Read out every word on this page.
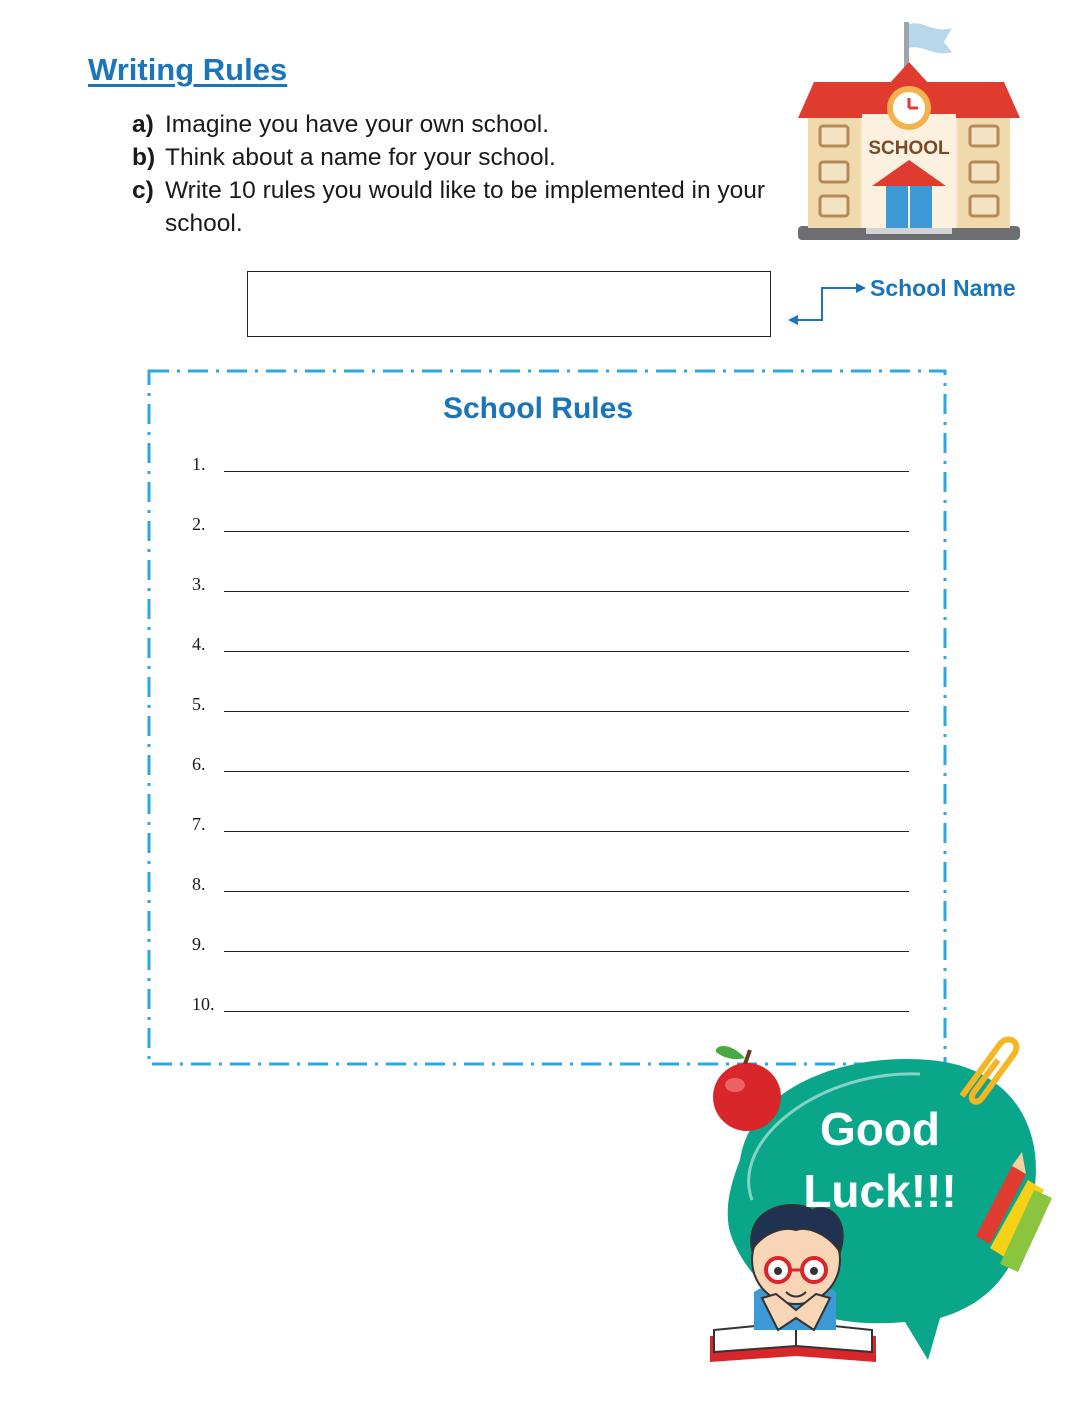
Writing Rules
a) Imagine you have your own school.
b) Think about a name for your school.
c) Write 10 rules you would like to be implemented in your school.
SCHOOL
School Name
School Rules
1.
2.
3.
4.
5.
6.
7.
8.
9.
10.
Good
Luck!!!
